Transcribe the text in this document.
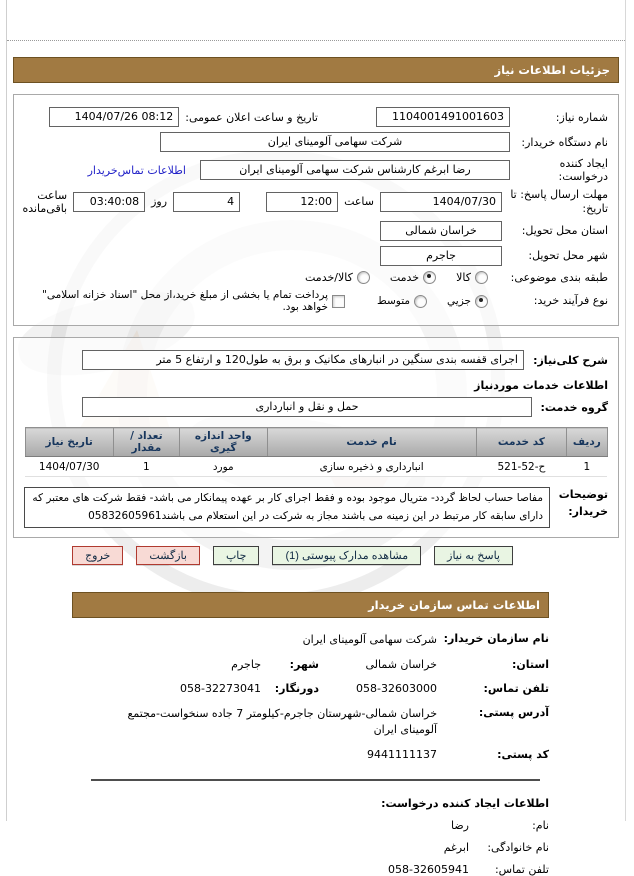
جزئیات اطلاعات نیاز
شماره نیاز:
1104001491001603
تاریخ و ساعت اعلان عمومی:
1404/07/26 08:12
نام دستگاه خریدار:
شرکت سهامی آلومینای ایران
ایجاد کننده درخواست:
رضا ابرغم کارشناس شرکت سهامی آلومینای ایران
اطلاعات تماس‌خریدار
مهلت ارسال پاسخ: تا تاریخ:
1404/07/30
ساعت
12:00
4
روز
03:40:08
ساعت باقی‌مانده
استان محل تحویل:
خراسان شمالی
شهر محل تحویل:
جاجرم
طبقه بندی موضوعی:
کالا
خدمت
کالا/خدمت
نوع فرآیند خرید:
جزیي
متوسط
پرداخت تمام یا بخشی از مبلغ خرید،از محل "اسناد خزانه اسلامی" خواهد بود.
شرح کلی‌نیاز:
اجرای قفسه بندی سنگین در انبارهای مکانیک و برق به طول120 و ارتفاع 5 متر
اطلاعات خدمات موردنیاز
گروه خدمت:
حمل و نقل و انبارداری
ردیف	کد خدمت	نام خدمت	واحد اندازه گیری	تعداد / مقدار	تاریخ نیاز
1	ح-52-521	انبارداری و ذخیره سازی	مورد	1	1404/07/30
توضیحات خریدار:
مفاصا حساب لحاظ گردد- متریال موجود بوده و فقط اجرای کار بر عهده پیمانکار می باشد- فقط شرکت های معتبر که دارای سابقه کار مرتبط در این زمینه می باشند مجاز به شرکت در این استعلام می باشند05832605961
پاسخ به نیاز
مشاهده مدارک پیوستی (1)
چاپ
بازگشت
خروج
اطلاعات تماس سازمان خریدار
نام سازمان خریدار:
شرکت سهامی آلومینای ایران
استان:
خراسان شمالی
شهر:
جاجرم
تلفن تماس:
058-32603000
دورنگار:
058-32273041
آدرس پستی:
خراسان شمالی-شهرستان جاجرم-کیلومتر 7 جاده سنخواست-مجتمع آلومینای ایران
کد پستی:
9441111137
اطلاعات ایجاد کننده درخواست:
نام:
رضا
نام خانوادگی:
ابرغم
تلفن تماس:
058-32605941
